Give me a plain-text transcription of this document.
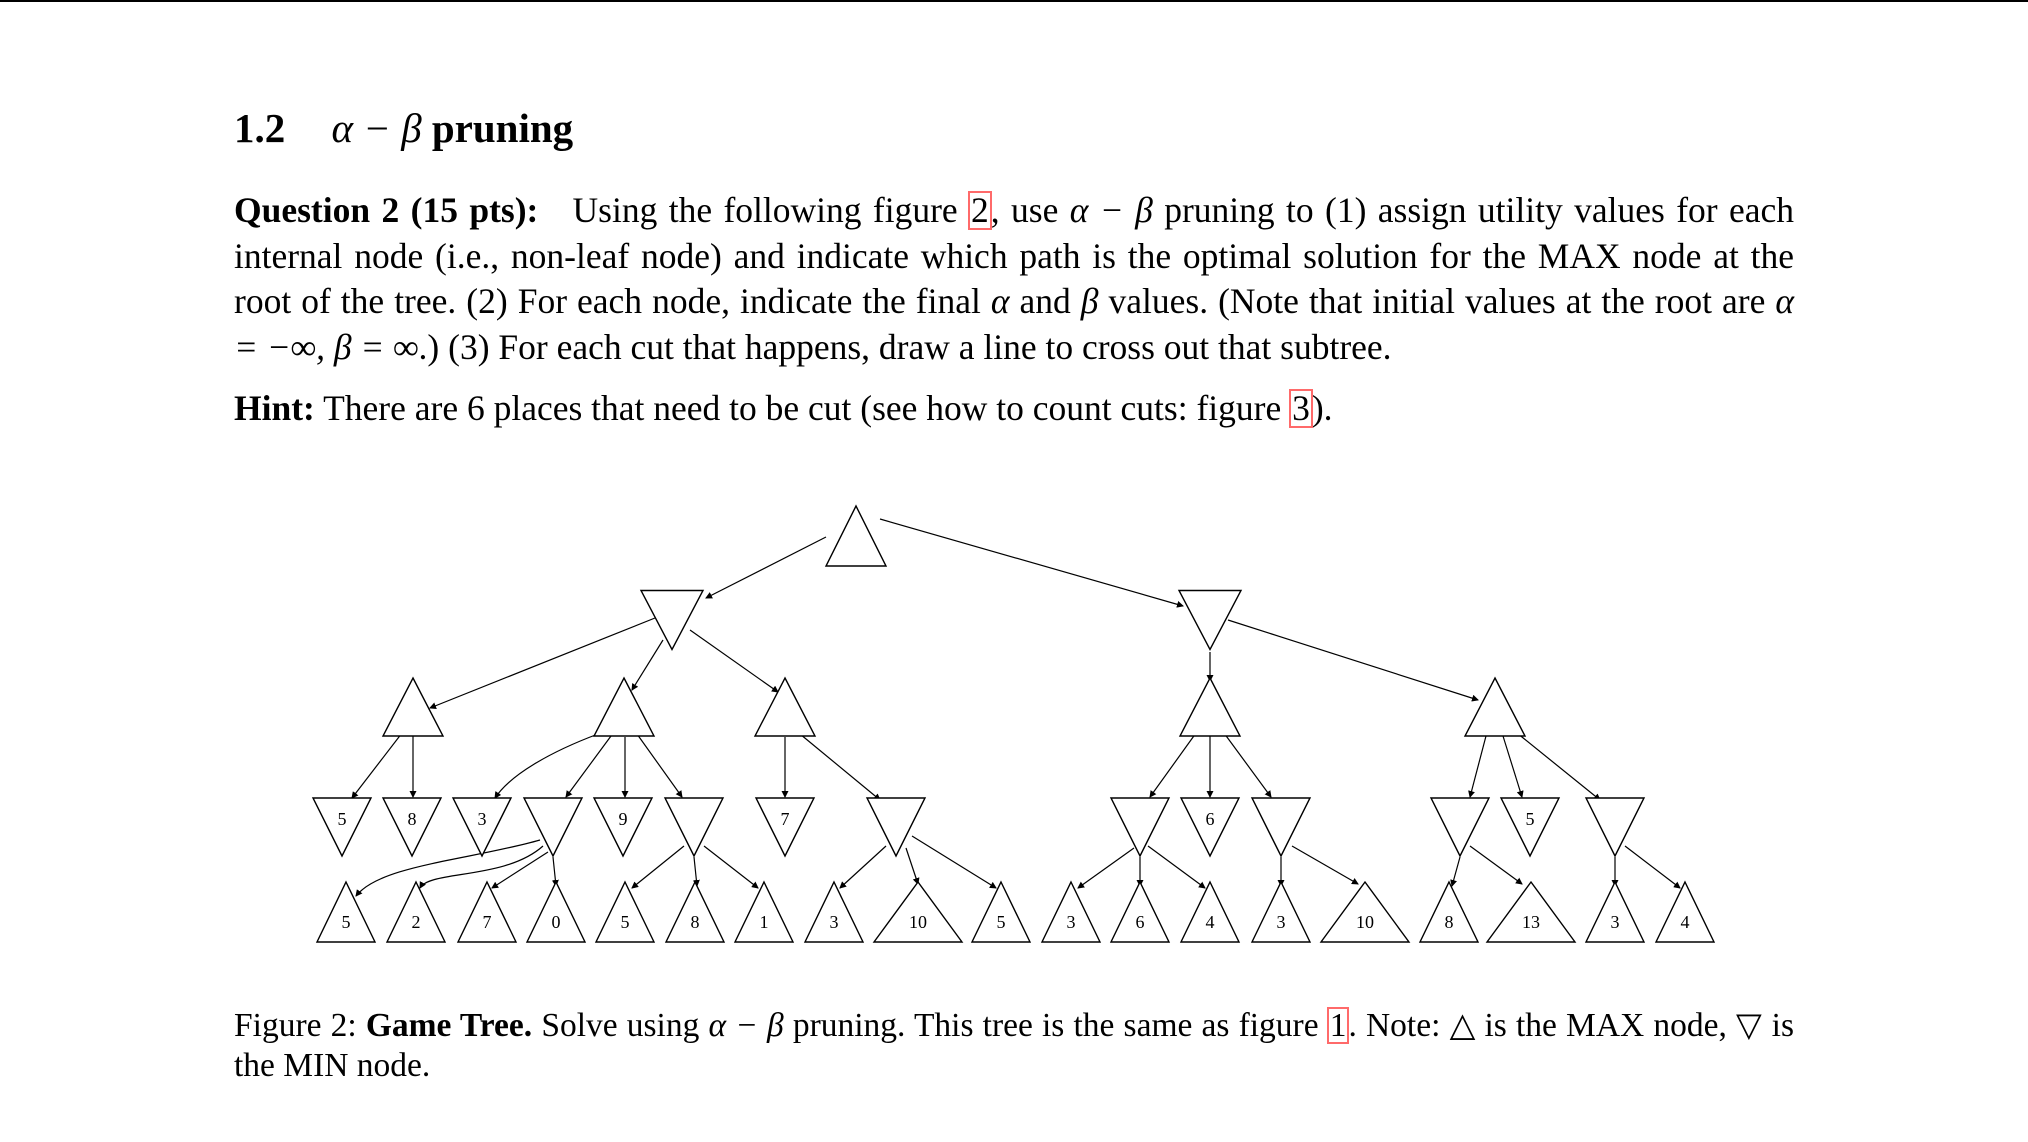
1.2 α − β pruning
Question 2 (15 pts): Using the following figure 2, use α − β pruning to (1) assign utility values for each internal node (i.e., non-leaf node) and indicate which path is the optimal solution for the MAX node at the root of the tree. (2) For each node, indicate the final α and β values. (Note that initial values at the root are α = −∞, β = ∞.) (3) For each cut that happens, draw a line to cross out that subtree.
Hint: There are 6 places that need to be cut (see how to count cuts: figure 3).
5	8	3	9	7	6	5
5	2	7	0	5	8	1	3	10	5	3	6	4	3	10	8	13	3	4
Figure 2: Game Tree. Solve using α − β pruning. This tree is the same as figure 1. Note: △ is the MAX node, ▽ is the MIN node.
